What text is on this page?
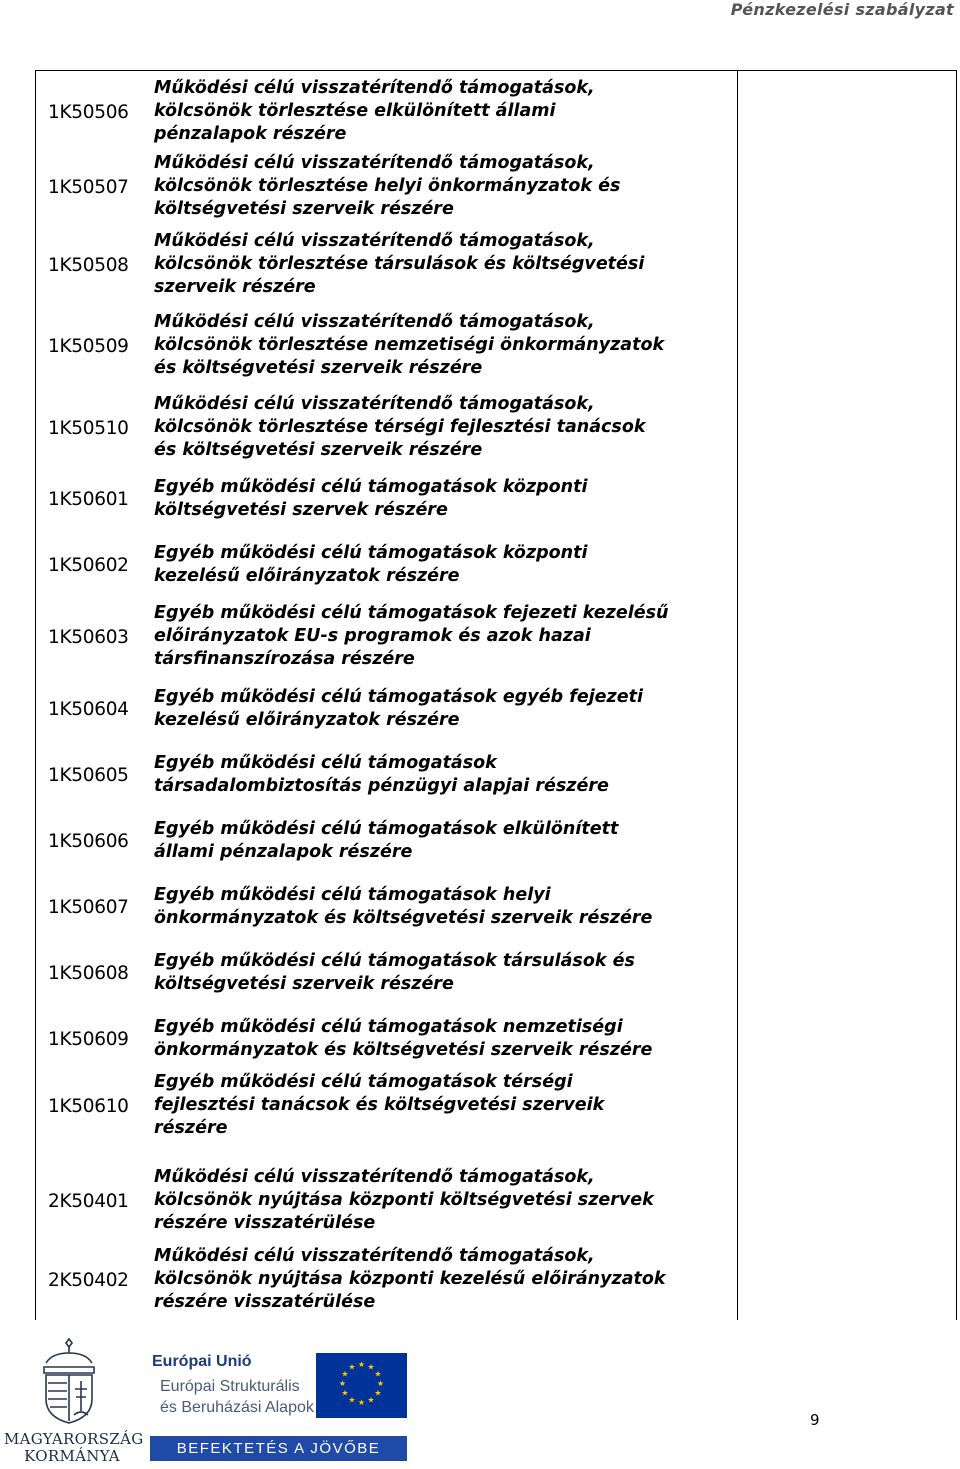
Pénzkezelési szabályzat
1K50506
Működési célú visszatérítendő támogatások,
kölcsönök törlesztése elkülönített állami
pénzalapok részére
1K50507
Működési célú visszatérítendő támogatások,
kölcsönök törlesztése helyi önkormányzatok és
költségvetési szerveik részére
1K50508
Működési célú visszatérítendő támogatások,
kölcsönök törlesztése társulások és költségvetési
szerveik részére
1K50509
Működési célú visszatérítendő támogatások,
kölcsönök törlesztése nemzetiségi önkormányzatok
és költségvetési szerveik részére
1K50510
Működési célú visszatérítendő támogatások,
kölcsönök törlesztése térségi fejlesztési tanácsok
és költségvetési szerveik részére
1K50601
Egyéb működési célú támogatások központi
költségvetési szervek részére
1K50602
Egyéb működési célú támogatások központi
kezelésű előirányzatok részére
1K50603
Egyéb működési célú támogatások fejezeti kezelésű
előirányzatok EU-s programok és azok hazai
társfinanszírozása részére
1K50604
Egyéb működési célú támogatások egyéb fejezeti
kezelésű előirányzatok részére
1K50605
Egyéb működési célú támogatások
társadalombiztosítás pénzügyi alapjai részére
1K50606
Egyéb működési célú támogatások elkülönített
állami pénzalapok részére
1K50607
Egyéb működési célú támogatások helyi
önkormányzatok és költségvetési szerveik részére
1K50608
Egyéb működési célú támogatások társulások és
költségvetési szerveik részére
1K50609
Egyéb működési célú támogatások nemzetiségi
önkormányzatok és költségvetési szerveik részére
1K50610
Egyéb működési célú támogatások térségi
fejlesztési tanácsok és költségvetési szerveik
részére
2K50401
Működési célú visszatérítendő támogatások,
kölcsönök nyújtása központi költségvetési szervek
részére visszatérülése
2K50402
Működési célú visszatérítendő támogatások,
kölcsönök nyújtása központi kezelésű előirányzatok
részére visszatérülése
MAGYARORSZÁG
KORMÁNYA
Európai Unió
Európai Strukturális
és Beruházási Alapok
★ ★
★
★
★
★
★
★
★
★
★
★
BEFEKTETÉS A JÖVŐBE
9
